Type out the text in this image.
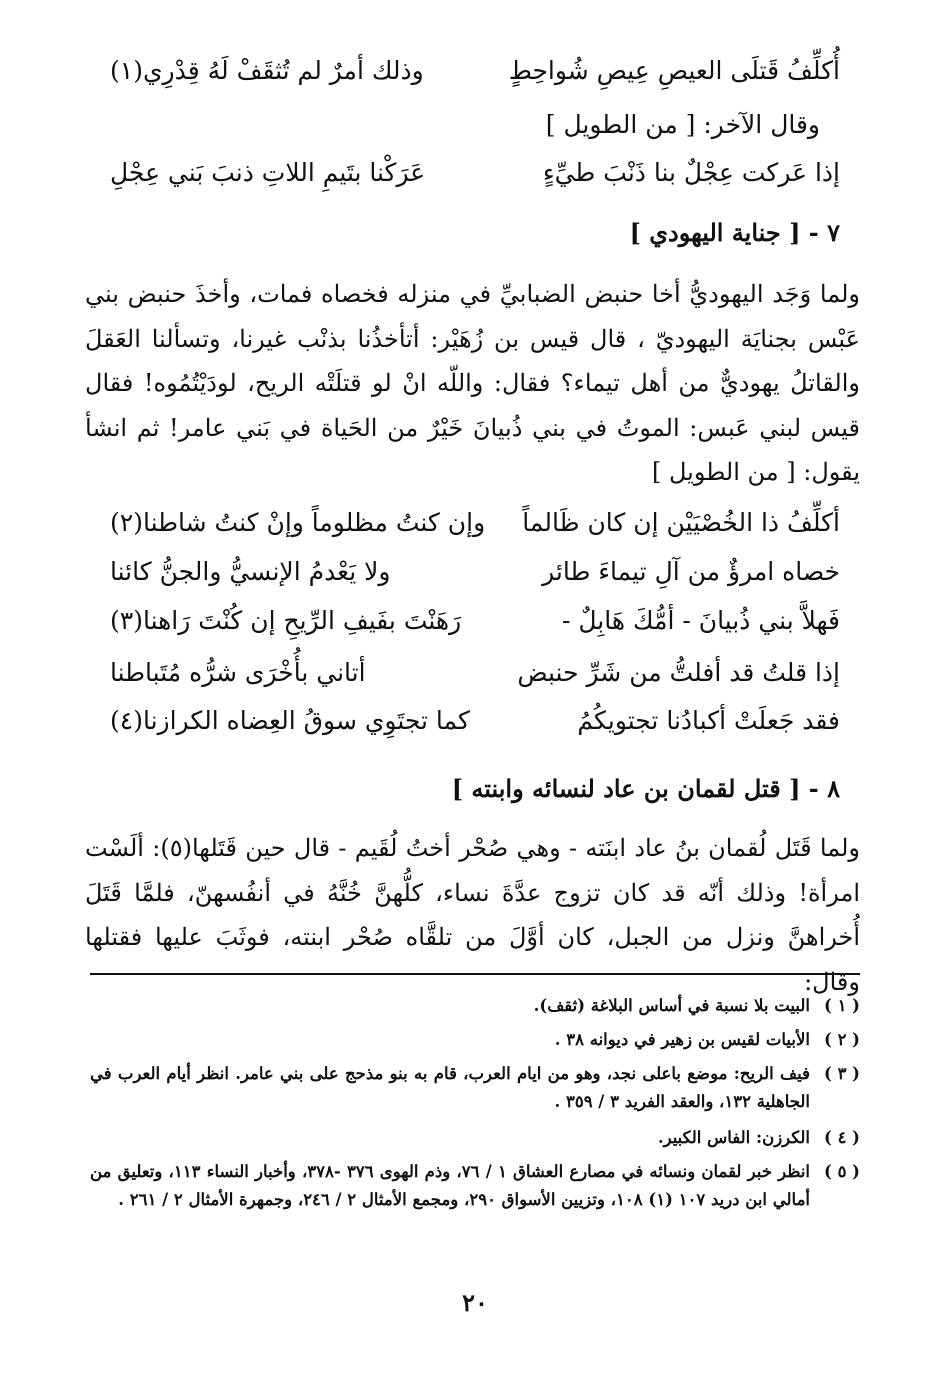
أُكلِّفُ قَتلَى العيصِ عِيصِ شُواحِطٍ
وذلك أمرٌ لم تُثقَفْ لَهُ قِدْرِي(١)
وقال الآخر: [ من الطويل ]
إذا عَركت عِجْلٌ بنا ذَنْبَ طيِّءٍ
عَرَكْنا بتَيمِ اللاتِ ذنبَ بَني عِجْلِ
٧ - [ جناية اليهودي ]
ولما وَجَد اليهوديُّ أخا حنبض الضبابيِّ في منزله فخصاه فمات، وأخذَ حنبض بني عَبْس بجنايَة اليهوديّ ، قال قيس بن زُهَيْر: أتأخذُنا بذنْب غيرنا، وتسألنا العَقلَ والقاتلُ يهوديٌّ من أهل تيماء؟ فقال: واللّه انْ لو قتلَتْه الريح، لودَيْتُمُوه! فقال قيس لبني عَبس: الموتُ في بني ذُبيانَ خَيْرٌ من الحَياة في بَني عامر! ثم انشأ يقول: [ من الطويل ]
أكلِّفُ ذا الخُصْيَيْن إن كان ظَالماً
وإن كنتُ مظلوماً وإنْ كنتُ شاطنا(٢)
خصاه امرؤٌ من آلِ تيماءَ طائر
ولا يَعْدمُ الإنسيُّ والجنُّ كائنا
فَهلاَّ بني ذُبيانَ - أمُّكَ هَابِلٌ -
رَهَنْتَ بفَيفِ الرِّيحِ إن كُنْتَ رَاهنا(٣)
إذا قلتُ قد أفلتُّ من شَرِّ حنبض
أتاني بأُخْرَى شرُّه مُتَباطنا
فقد جَعلَتْ أكبادُنا تجتويكُمُ
كما تجتَوِي سوقُ العِضاه الكرازنا(٤)
٨ - [ قتل لقمان بن عاد لنسائه وابنته ]
ولما قَتَل لُقمان بنُ عاد ابنَته - وهي صُحْر أختُ لُقَيم - قال حين قَتَلها(٥): ألَسْت امرأة! وذلك أنّه قد كان تزوج عدَّةَ نساء، كلُّهنَّ خُنَّهُ في أنفُسهنّ، فلمَّا قَتَلَ أُخراهنَّ ونزل من الجبل، كان أوَّلَ من تلقَّاه صُحْر ابنته، فوثَبَ عليها فقتلها وقال:
( ١ )
البيت بلا نسبة في أساس البلاغة (ثقف).
( ٢ )
الأبيات لقيس بن زهير في ديوانه ٣٨ .
( ٣ )
فيف الريح: موضع باعلى نجد، وهو من ايام العرب، قام به بنو مذحج على بني عامر. انظر أيام العرب في الجاهلية ١٣٢، والعقد الفريد ٣ / ٣٥٩ .
( ٤ )
الكرزن: الفاس الكبير.
( ٥ )
انظر خبر لقمان ونسائه في مصارع العشاق ١ / ٧٦، وذم الهوى ٣٧٦ -٣٧٨، وأخبار النساء ١١٣، وتعليق من أمالي ابن دريد ١٠٧ (١) ١٠٨، وتزيين الأسواق ٢٩٠، ومجمع الأمثال ٢ / ٢٤٦، وجمهرة الأمثال ٢ / ٢٦١ .
٢٠
